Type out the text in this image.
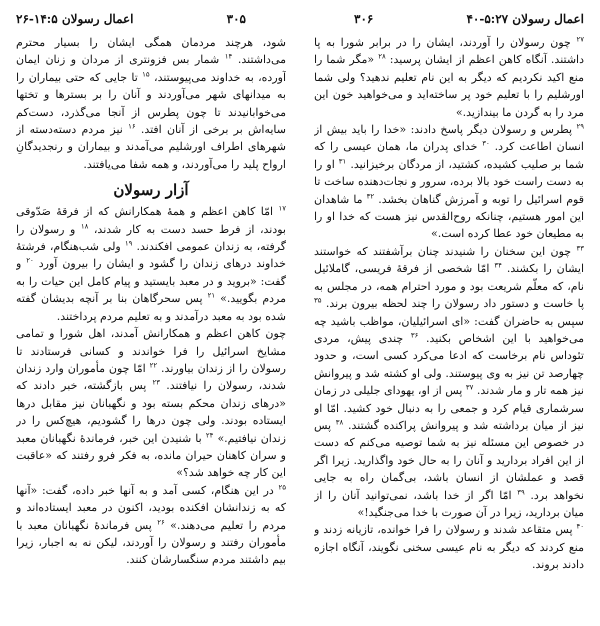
اعمال رسولان ۱۴:۵-۲۶	۳۰۵	۳۰۶	اعمال رسولان ۵:۲۷-۴۰

شود، هرچند مردمان همگی ایشان را بسیار محترم می‌داشتند. $^{۱۴}$ شمار بس فزونتری از مردان و زنان ایمان آورده، به خداوند می‌پیوستند، $^{۱۵}$ تا جایی که حتی بیماران را به میدانهای شهر می‌آوردند و آنان را بر بسترها و تختها می‌خوابانیدند تا چون پطرس از آنجا می‌گذرد، دست‌کم سایه‌اش بر برخی از آنان افتد. $^{۱۶}$ نیز مردم دسته‌دسته از شهرهای اطراف اورشلیم می‌آمدند و بیماران و رنجدیدگانِ ارواح پلید را می‌آوردند، و همه شفا می‌یافتند.

آزار رسولان

$^{۱۷}$ امّا کاهن اعظم و همهٔ همکارانش که از فرقهٔ صَدّوقی بودند، از فرط حسد دست به کار شدند، $^{۱۸}$ و رسولان را گرفته، به زندان عمومی افکندند. $^{۱۹}$ ولی شب‌هنگام، فرشتهٔ خداوند درهای زندان را گشود و ایشان را بیرون آورد $^{۲۰}$ و گفت: «بروید و در معبد بایستید و پیام کامل این حیات را به مردم بگویید.» $^{۲۱}$ پس سحرگاهان بنا بر آنچه بدیشان گفته شده بود به معبد درآمدند و به تعلیم مردم پرداختند.

چون کاهن اعظم و همکارانش آمدند، اهل شورا و تمامی مشایخ اسرائیل را فرا خواندند و کسانی فرستادند تا رسولان را از زندان بیاورند. $^{۲۲}$ امّا چون مأموران وارد زندان شدند، رسولان را نیافتند. $^{۲۳}$ پس بازگشته، خبر دادند که «درهای زندان محکم بسته بود و نگهبانان نیز مقابل درها ایستاده بودند. ولی چون درها را گشودیم، هیچ‌کس را در زندان نیافتیم.» $^{۲۴}$ با شنیدن این خبر، فرماندهٔ نگهبانان معبد و سران کاهنان حیران مانده، به فکر فرو رفتند که «عاقبت این کار چه خواهد شد؟»

$^{۲۵}$ در این هنگام، کسی آمد و به آنها خبر داده، گفت: «آنها که به زندانشان افکنده بودید، اکنون در معبد ایستاده‌اند و مردم را تعلیم می‌دهند.» $^{۲۶}$ پس فرماندهٔ نگهبانان معبد با مأموران رفتند و رسولان را آوردند، لیکن نه به اجبار، زیرا بیم داشتند مردم سنگسارشان کنند.

$^{۲۷}$ چون رسولان را آوردند، ایشان را در برابر شورا به پا داشتند. آنگاه کاهن اعظم از ایشان پرسید: $^{۲۸}$ «مگر شما را منع اکید نکردیم که دیگر به این نام تعلیم ندهید؟ ولی شما اورشلیم را با تعلیم خود پر ساخته‌اید و می‌خواهید خون این مرد را به گردن ما بیندازید.»

$^{۲۹}$ پطرس و رسولان دیگر پاسخ دادند: «خدا را باید بیش از انسان اطاعت کرد. $^{۳۰}$ خدای پدران ما، همان عیسی را که شما بر صلیب کشیده، کشتید، از مردگان برخیزانید. $^{۳۱}$ او را به دست راست خود بالا برده، سرور و نجات‌دهنده ساخت تا قوم اسرائیل را توبه و آمرزش گناهان بخشد. $^{۳۲}$ ما شاهدان این امور هستیم، چنانکه روح‌القدس نیز هست که خدا او را به مطیعان خود عطا کرده است.»

$^{۳۳}$ چون این سخنان را شنیدند چنان برآشفتند که خواستند ایشان را بکشند. $^{۳۴}$ امّا شخصی از فرقهٔ فریسی، گاملائیل نام، که معلّم شریعت بود و مورد احترام همه، در مجلس به پا خاست و دستور داد رسولان را چند لحظه بیرون برند. $^{۳۵}$ سپس به حاضران گفت: «ای اسرائیلیان، مواظب باشید چه می‌خواهید با این اشخاص بکنید. $^{۳۶}$ چندی پیش، مردی تئوداس نام برخاست که ادعا می‌کرد کسی است، و حدود چهارصد تن نیز به وی پیوستند. ولی او کشته شد و پیروانش نیز همه تار و مار شدند. $^{۳۷}$ پس از او، یهودای جلیلی در زمان سرشماری قیام کرد و جمعی را به دنبال خود کشید. امّا او نیز از میان برداشته شد و پیروانش پراکنده گشتند. $^{۳۸}$ پس در خصوص این مسئله نیز به شما توصیه می‌کنم که دست از این افراد بردارید و آنان را به حال خود واگذارید. زیرا اگر قصد و عملشان از انسان باشد، بی‌گمان راه به جایی نخواهد برد. $^{۳۹}$ امّا اگر از خدا باشد، نمی‌توانید آنان را از میان بردارید، زیرا در آن صورت با خدا می‌جنگید!»

$^{۴۰}$ پس متقاعد شدند و رسولان را فرا خوانده، تازیانه زدند و منع کردند که دیگر به نام عیسی سخنی نگویند، آنگاه اجازه دادند بروند.
